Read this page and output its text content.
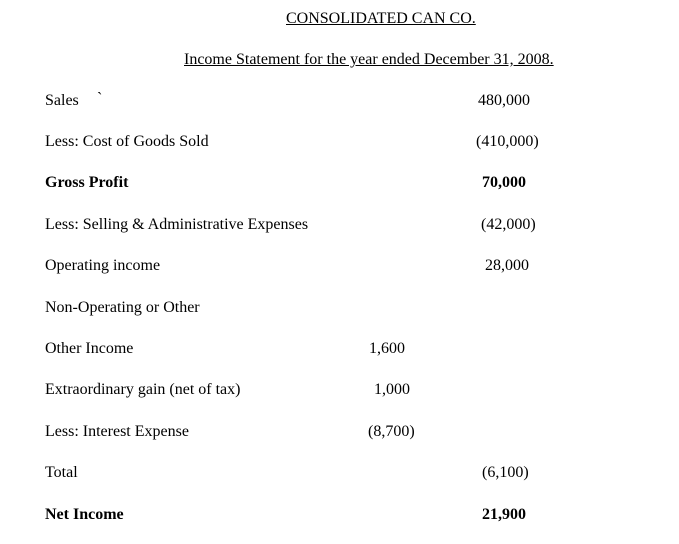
CONSOLIDATED CAN CO.
Income Statement for the year ended December 31, 2008.
Sales `	480,000
Less: Cost of Goods Sold	(410,000)
Gross Profit	70,000
Less: Selling & Administrative Expenses	(42,000)
Operating income	28,000
Non-Operating or Other
Other Income	1,600
Extraordinary gain (net of tax)	1,000
Less: Interest Expense	(8,700)
Total	(6,100)
Net Income	21,900
